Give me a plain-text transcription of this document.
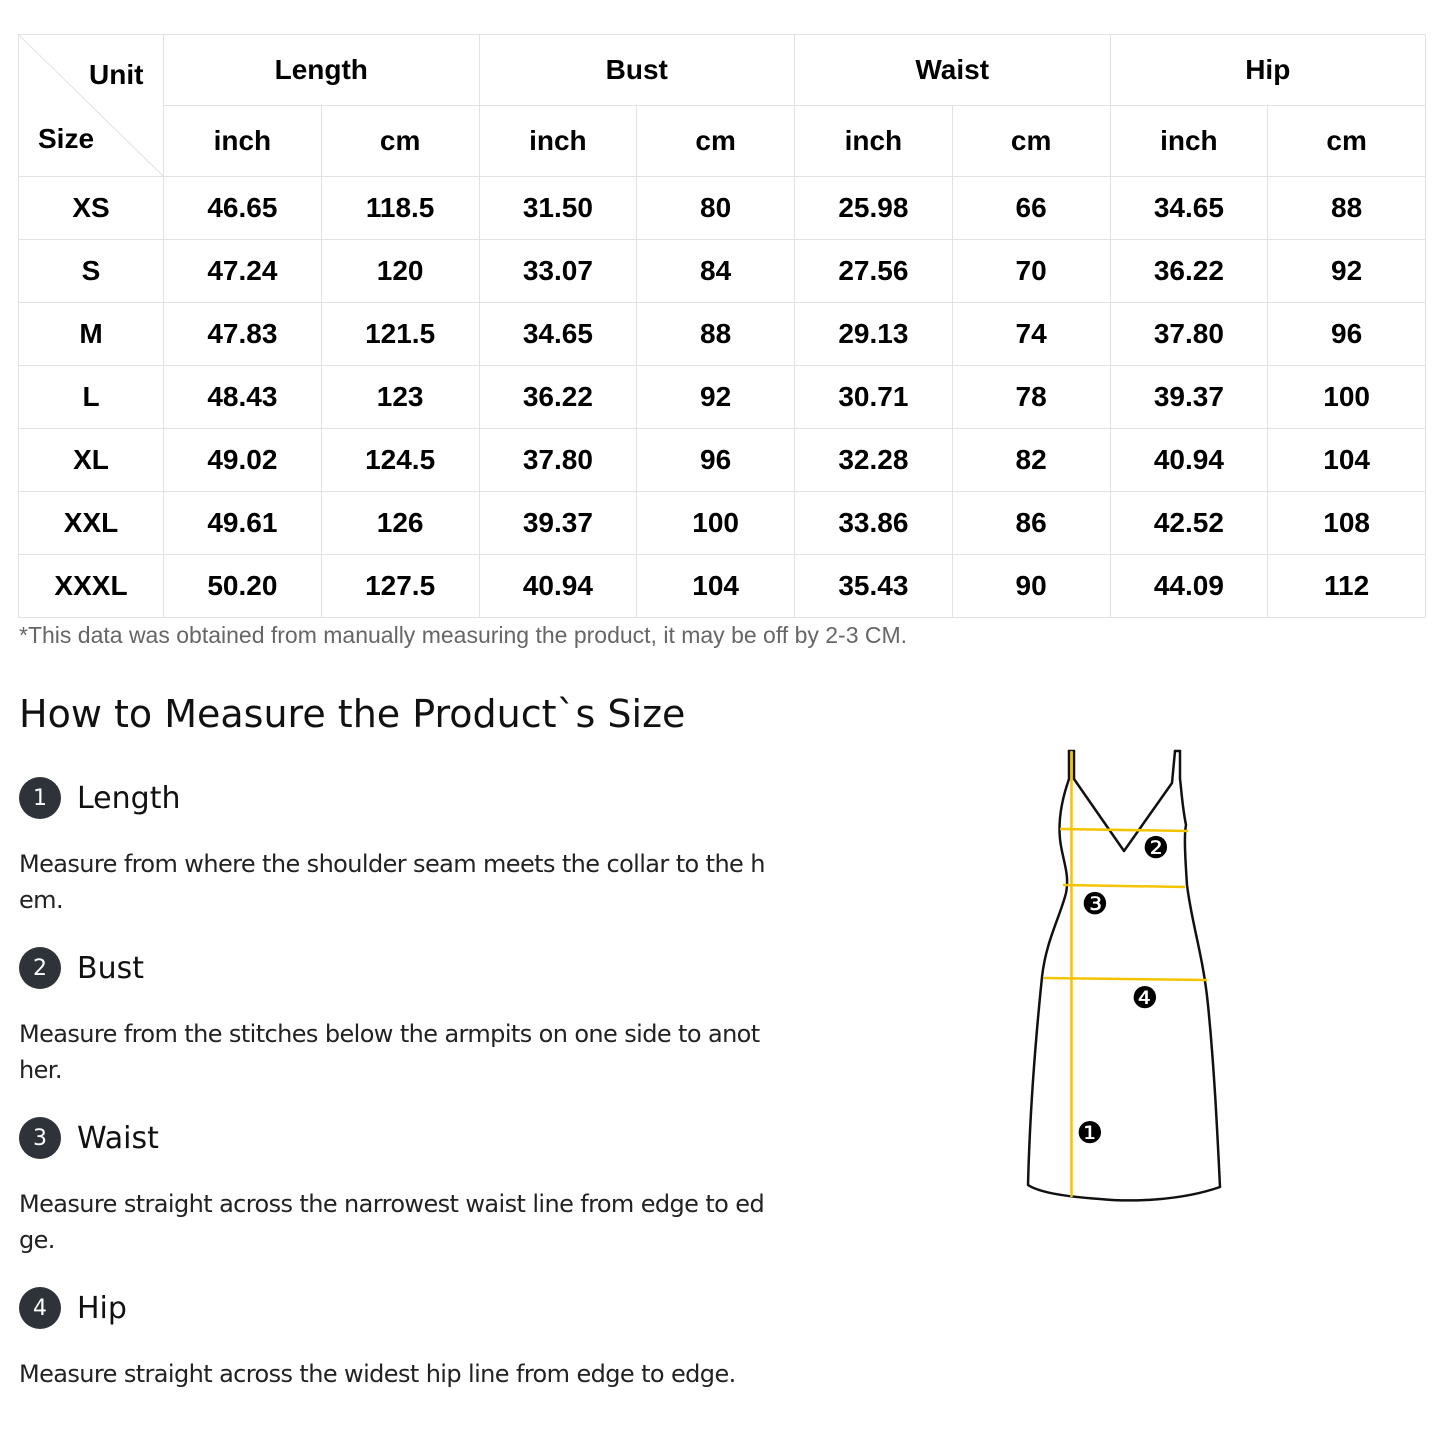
Unit
Size	Length		Bust		Waist		Hip	
	inch	cm	inch	cm	inch	cm	inch	cm
XS	46.65	118.5	31.50	80	25.98	66	34.65	88
S	47.24	120	33.07	84	27.56	70	36.22	92
M	47.83	121.5	34.65	88	29.13	74	37.80	96
L	48.43	123	36.22	92	30.71	78	39.37	100
XL	49.02	124.5	37.80	96	32.28	82	40.94	104
XXL	49.61	126	39.37	100	33.86	86	42.52	108
XXXL	50.20	127.5	40.94	104	35.43	90	44.09	112
*This data was obtained from manually measuring the product, it may be off by 2-3 CM.
How to Measure the Product`s Size
1	Length
Measure from where the shoulder seam meets the collar to the hem.
2	Bust
Measure from the stitches below the armpits on one side to another.
3	Waist
Measure straight across the narrowest waist line from edge to edge.
4	Hip
Measure straight across the widest hip line from edge to edge.
❷
❸
❹
❶
